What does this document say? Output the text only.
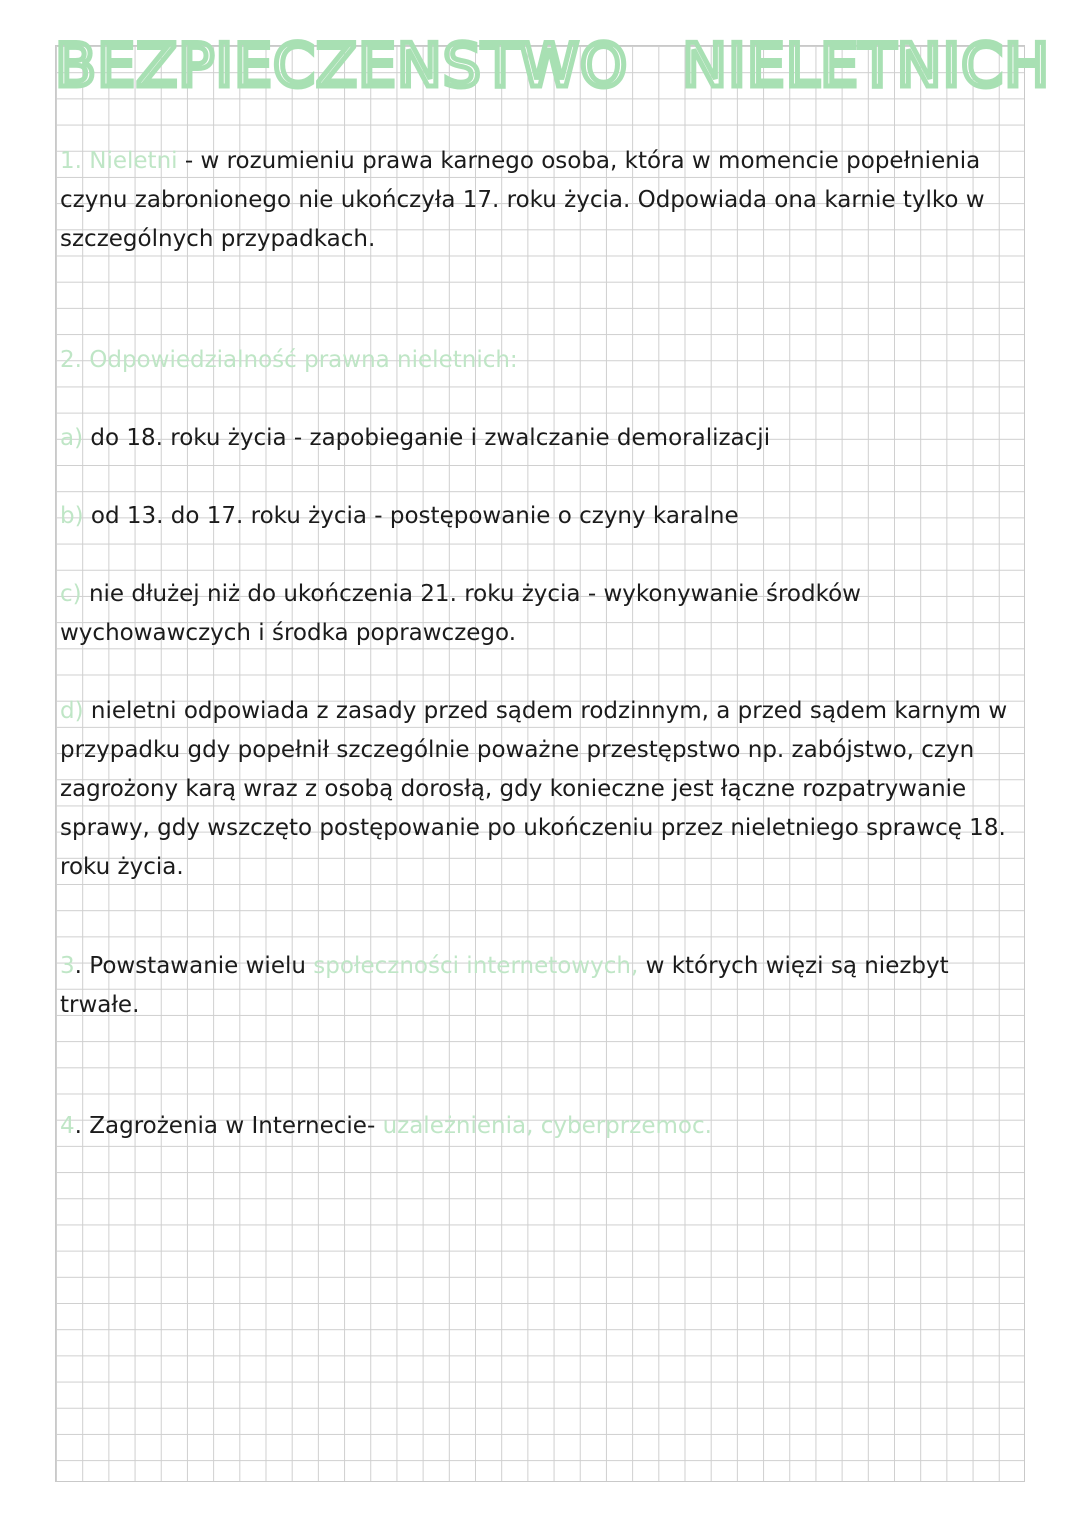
BEZPIECZENSTWO NIELETNICH

1. Nieletni - w rozumieniu prawa karnego osoba, która w momencie popełnienia czynu zabronionego nie ukończyła 17. roku życia. Odpowiada ona karnie tylko w szczególnych przypadkach.

2. Odpowiedzialność prawna nieletnich:

a) do 18. roku życia - zapobieganie i zwalczanie demoralizacji

b) od 13. do 17. roku życia - postępowanie o czyny karalne

c) nie dłużej niż do ukończenia 21. roku życia - wykonywanie środków wychowawczych i środka poprawczego.

d) nieletni odpowiada z zasady przed sądem rodzinnym, a przed sądem karnym w przypadku gdy popełnił szczególnie poważne przestępstwo np. zabójstwo, czyn zagrożony karą wraz z osobą dorosłą, gdy konieczne jest łączne rozpatrywanie sprawy, gdy wszczęto postępowanie po ukończeniu przez nieletniego sprawcę 18. roku życia.

3. Powstawanie wielu społeczności internetowych, w których więzi są niezbyt trwałe.

4. Zagrożenia w Internecie- uzależnienia, cyberprzemoc.
